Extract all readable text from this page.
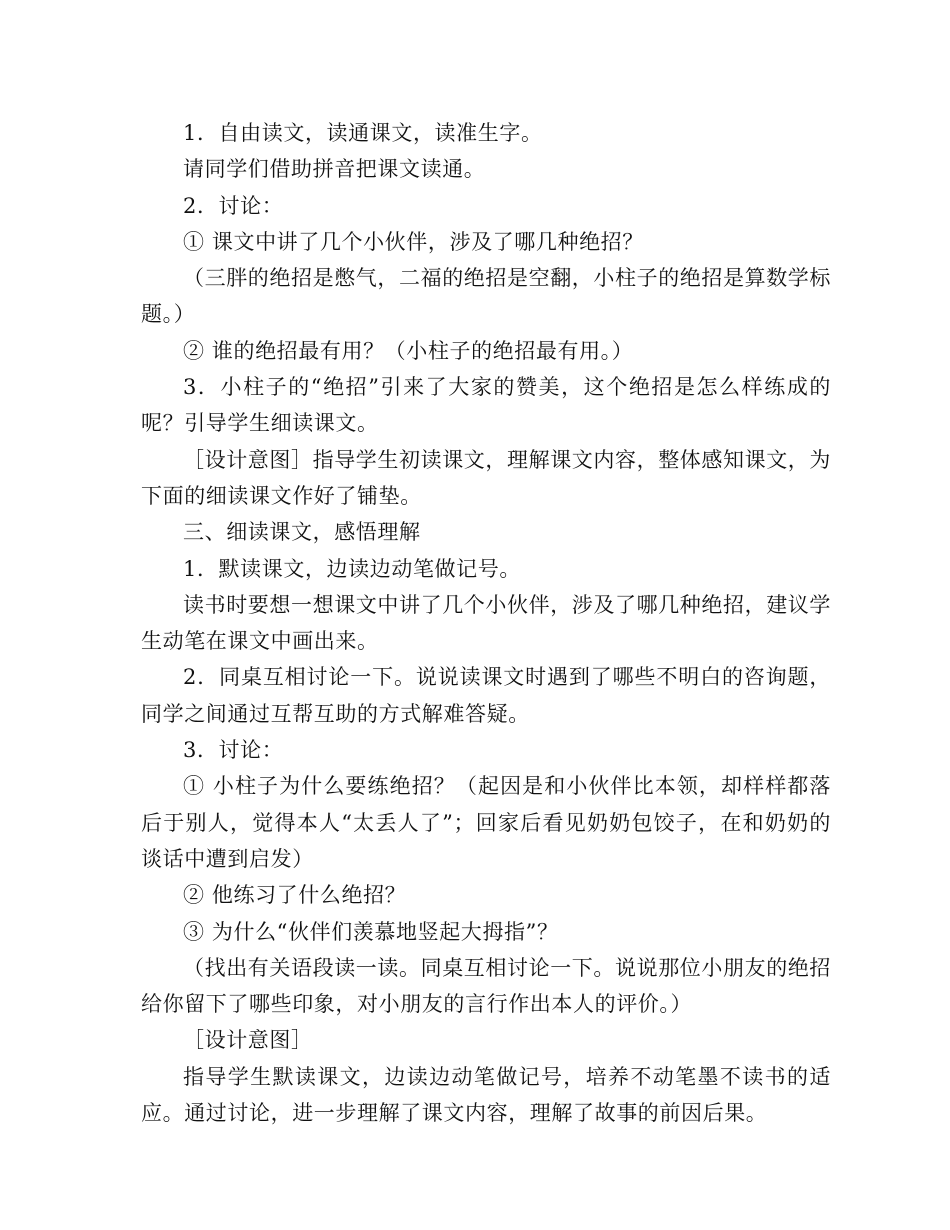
1．自由读文，读通课文，读准生字。

请同学们借助拼音把课文读通。

2．讨论：

① 课文中讲了几个小伙伴，涉及了哪几种绝招？

（三胖的绝招是憋气，二福的绝招是空翻，小柱子的绝招是算数学标题。）

② 谁的绝招最有用？（小柱子的绝招最有用。）

3．小柱子的“绝招”引来了大家的赞美，这个绝招是怎么样练成的呢？引导学生细读课文。

［设计意图］指导学生初读课文，理解课文内容，整体感知课文，为下面的细读课文作好了铺垫。

三、细读课文，感悟理解

1．默读课文，边读边动笔做记号。

读书时要想一想课文中讲了几个小伙伴，涉及了哪几种绝招，建议学生动笔在课文中画出来。

2．同桌互相讨论一下。说说读课文时遇到了哪些不明白的咨询题，同学之间通过互帮互助的方式解难答疑。

3．讨论：

① 小柱子为什么要练绝招？（起因是和小伙伴比本领，却样样都落后于别人，觉得本人“太丢人了”；回家后看见奶奶包饺子，在和奶奶的谈话中遭到启发）

② 他练习了什么绝招？

③ 为什么“伙伴们羡慕地竖起大拇指”？

（找出有关语段读一读。同桌互相讨论一下。说说那位小朋友的绝招给你留下了哪些印象，对小朋友的言行作出本人的评价。）

［设计意图］

指导学生默读课文，边读边动笔做记号，培养不动笔墨不读书的适应。通过讨论，进一步理解了课文内容，理解了故事的前因后果。
